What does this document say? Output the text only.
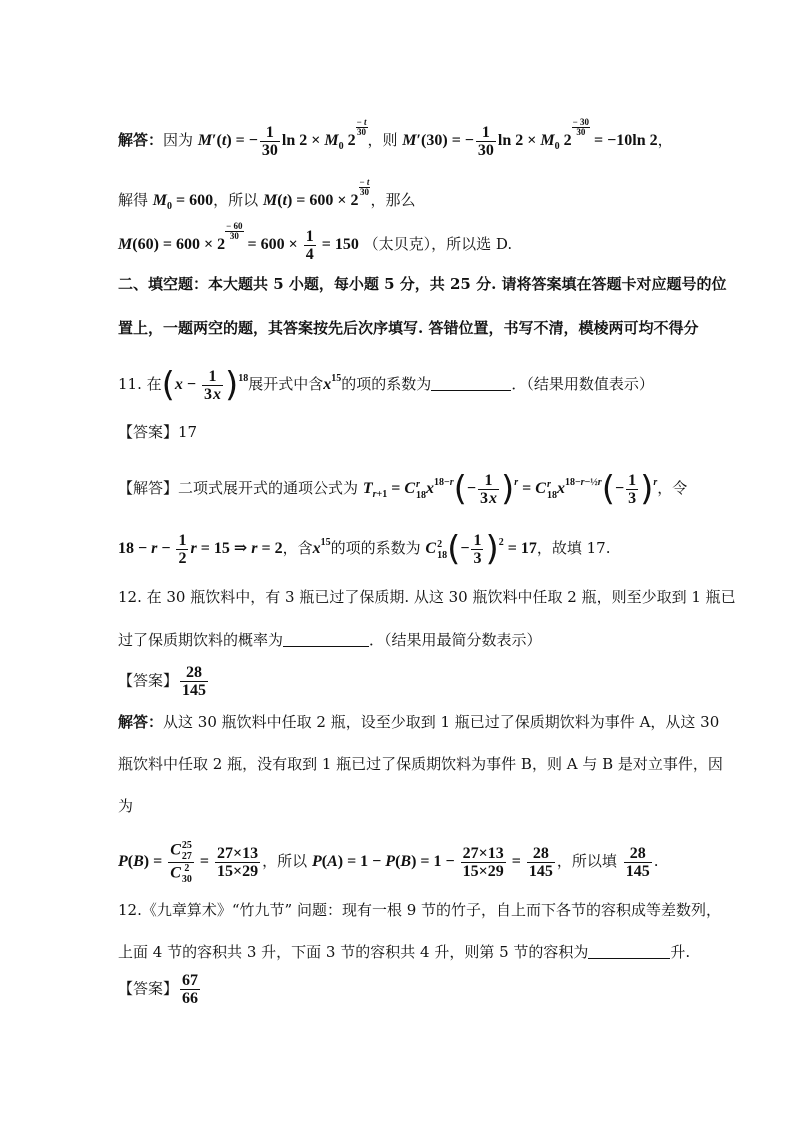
解答：因为 M′(t) = − $\frac{1}{30}$ $\ln 2 \times M_0$ 2
$\frac{- t}{30}$
，则 M′(30) = − $\frac{1}{30}$ $\ln 2 \times M_0$ 2
$\frac{- 30}{30}$
= −10ln 2，
解得 $M_0 = 600$，所以 M(t) = 600 × 2
$\frac{- t}{30}$
，那么
M(60) = 600 × 2
$\frac{- 60}{30}$
= $600 \times \frac{1}{4} = 150$ （太贝克），所以选 D.
二、填空题：本大题共 5 小题，每小题 5 分，共 25 分. 请将答案填在答题卡对应题号的位
置上，一题两空的题，其答案按先后次序填写. 答错位置，书写不清，模棱两可均不得分
11. 在$(x - \frac{1}{3x} )^{18}$展开式中含$x^{15}$的项的系数为	．（结果用数值表示）
【答案】17
【解答】二项式展开式的通项公式为 $T_{r+1} = C$ r
18 $x^{18-r}(- \frac{1}{3x} )^r = C$ r
18 $x^{18-r-\frac{1}{2}r}(- \frac{1}{3} )^r$，令
$18 - r - \frac{1}{2}$ r = 15 ⇒ r = 2，含$x^{15}$的项的系数为 C 2
18 (− $\frac{1}{3} )^2 = 17$，故填 17.
12. 在 30 瓶饮料中，有 3 瓶已过了保质期. 从这 30 瓶饮料中任取 2 瓶，则至少取到 1 瓶已
过了保质期饮料的概率为	．（结果用最简分数表示）
【答案】 $\frac{28}{145}$
解答：从这 30 瓶饮料中任取 2 瓶，设至少取到 1 瓶已过了保质期饮料为事件 A，从这 30
瓶饮料中任取 2 瓶，没有取到 1 瓶已过了保质期饮料为事件 B，则 A 与 B 是对立事件，因
为
P(B) = C 25
27
C 2
$30 = \frac{27\times 13}{15\times 29}$ ，所以 $P(A) = 1 - P(B) = 1 - \frac{27\times 13}{15\times 29} = \frac{28}{145}$ ，所以填 $\frac{28}{145}$ .
12.《九章算术》“竹九节” 问题：现有一根 9 节的竹子，自上而下各节的容积成等差数列，
上面 4 节的容积共 3 升，下面 3 节的容积共 4 升，则第 5 节的容积为	升.
【答案】 $\frac{67}{66}$
